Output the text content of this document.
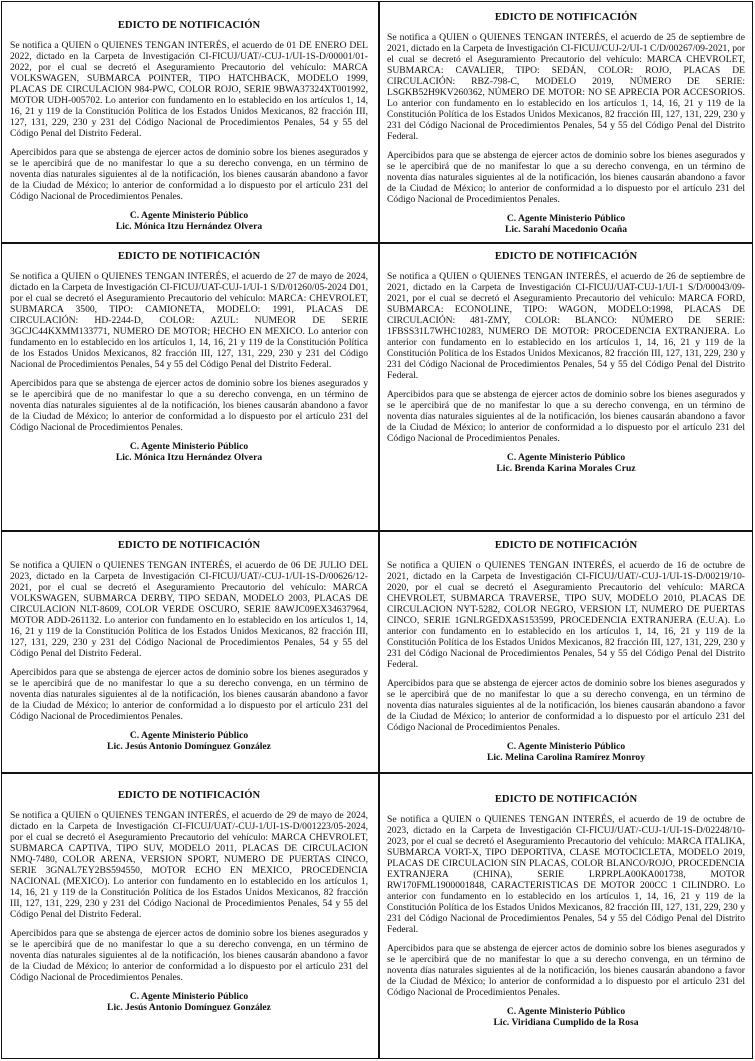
EDICTO DE NOTIFICACIÓN

Se notifica a QUIEN o QUIENES TENGAN INTERÉS, el acuerdo de 01 DE ENERO DEL 2022, dictado en la Carpeta de Investigación CI-FICUJ/UAT/-CUJ-1/UI-1S-D/00001/01-2022, por el cual se decretó el Aseguramiento Precautorio del vehículo: MARCA VOLKSWAGEN, SUBMARCA POINTER, TIPO HATCHBACK, MODELO 1999, PLACAS DE CIRCULACION 984-PWC, COLOR ROJO, SERIE 9BWA37324XT001992, MOTOR UDH-005702. Lo anterior con fundamento en lo establecido en los artículos 1, 14, 16, 21 y 119 de la Constitución Política de los Estados Unidos Mexicanos, 82 fracción III, 127, 131, 229, 230 y 231 del Código Nacional de Procedimientos Penales, 54 y 55 del Código Penal del Distrito Federal.

Apercibidos para que se abstenga de ejercer actos de dominio sobre los bienes asegurados y se le apercibirá que de no manifestar lo que a su derecho convenga, en un término de noventa días naturales siguientes al de la notificación, los bienes causarán abandono a favor de la Ciudad de México; lo anterior de conformidad a lo dispuesto por el artículo 231 del Código Nacional de Procedimientos Penales.

C. Agente Ministerio Público
Lic. Mónica Itzu Hernández Olvera
EDICTO DE NOTIFICACIÓN

Se notifica a QUIEN o QUIENES TENGAN INTERÉS, el acuerdo de 25 de septiembre de 2021, dictado en la Carpeta de Investigación CI-FICUJ/CUJ-2/UI-1 C/D/00267/09-2021, por el cual se decretó el Aseguramiento Precautorio del vehículo: MARCA CHEVROLET, SUBMARCA: CAVALIER, TIPO: SEDÁN, COLOR: ROJO, PLACAS DE CIRCULACIÓN: RBZ-798-C, MODELO 2019, NÚMERO DE SERIE: LSGKB52H9KV260362, NÚMERO DE MOTOR: NO SE APRECIA POR ACCESORIOS. Lo anterior con fundamento en lo establecido en los artículos 1, 14, 16, 21 y 119 de la Constitución Política de los Estados Unidos Mexicanos, 82 fracción III, 127, 131, 229, 230 y 231 del Código Nacional de Procedimientos Penales, 54 y 55 del Código Penal del Distrito Federal.

Apercibidos para que se abstenga de ejercer actos de dominio sobre los bienes asegurados y se le apercibirá que de no manifestar lo que a su derecho convenga, en un término de noventa días naturales siguientes al de la notificación, los bienes causarán abandono a favor de la Ciudad de México; lo anterior de conformidad a lo dispuesto por el artículo 231 del Código Nacional de Procedimientos Penales.

C. Agente Ministerio Público
Lic. Sarahí Macedonio Ocaña
EDICTO DE NOTIFICACIÓN

Se notifica a QUIEN o QUIENES TENGAN INTERÉS, el acuerdo de 27 de mayo de 2024, dictado en la Carpeta de Investigación CI-FICUJ/UAT-CUJ-1/UI-1 S/D/01260/05-2024 D01, por el cual se decretó el Aseguramiento Precautorio del vehículo: MARCA: CHEVROLET, SUBMARCA 3500, TIPO: CAMIONETA, MODELO: 1991, PLACAS DE CIRCULACIÓN: HD-2244-D, COLOR: AZUL: NUMEOR DE SERIE 3GCJC44KXMM133771, NUMERO DE MOTOR; HECHO EN MEXICO. Lo anterior con fundamento en lo establecido en los artículos 1, 14, 16, 21 y 119 de la Constitución Política de los Estados Unidos Mexicanos, 82 fracción III, 127, 131, 229, 230 y 231 del Código Nacional de Procedimientos Penales, 54 y 55 del Código Penal del Distrito Federal.

Apercibidos para que se abstenga de ejercer actos de dominio sobre los bienes asegurados y se le apercibirá que de no manifestar lo que a su derecho convenga, en un término de noventa días naturales siguientes al de la notificación, los bienes causarán abandono a favor de la Ciudad de México; lo anterior de conformidad a lo dispuesto por el artículo 231 del Código Nacional de Procedimientos Penales.

C. Agente Ministerio Público
Lic. Mónica Itzu Hernández Olvera
EDICTO DE NOTIFICACIÓN

Se notifica a QUIEN o QUIENES TENGAN INTERÉS, el acuerdo de 26 de septiembre de 2021, dictado en la Carpeta de Investigación CI-FICUJ/UAT-CUJ-1/UI-1 S/D/00043/09-2021, por el cual se decretó el Aseguramiento Precautorio del vehículo: MARCA FORD, SUBMARCA: ECONOLINE, TIPO: WAGON, MODELO:1998, PLACAS DE CIRCULACIÓN: 481-ZMY, COLOR: BLANCO: NÚMERO DE SERIE: 1FBSS31L7WHC10283, NUMERO DE MOTOR: PROCEDENCIA EXTRANJERA. Lo anterior con fundamento en lo establecido en los artículos 1, 14, 16, 21 y 119 de la Constitución Política de los Estados Unidos Mexicanos, 82 fracción III, 127, 131, 229, 230 y 231 del Código Nacional de Procedimientos Penales, 54 y 55 del Código Penal del Distrito Federal.

Apercibidos para que se abstenga de ejercer actos de dominio sobre los bienes asegurados y se le apercibirá que de no manifestar lo que a su derecho convenga, en un término de noventa días naturales siguientes al de la notificación, los bienes causarán abandono a favor de la Ciudad de México; lo anterior de conformidad a lo dispuesto por el artículo 231 del Código Nacional de Procedimientos Penales.

C. Agente Ministerio Público
Lic. Brenda Karina Morales Cruz
EDICTO DE NOTIFICACIÓN

Se notifica a QUIEN o QUIENES TENGAN INTERÉS, el acuerdo de 06 DE JULIO DEL 2023, dictado en la Carpeta de Investigación CI-FICUJ/UAT/-CUJ-1/UI-1S-D/00626/12-2021, por el cual se decretó el Aseguramiento Precautorio del vehículo: MARCA VOLKSWAGEN, SUBMARCA DERBY, TIPO SEDAN, MODELO 2003, PLACAS DE CIRCULACION NLT-8609, COLOR VERDE OSCURO, SERIE 8AWJC09EX34637964, MOTOR ADD-261132. Lo anterior con fundamento en lo establecido en los artículos 1, 14, 16, 21 y 119 de la Constitución Política de los Estados Unidos Mexicanos, 82 fracción III, 127, 131, 229, 230 y 231 del Código Nacional de Procedimientos Penales, 54 y 55 del Código Penal del Distrito Federal.

Apercibidos para que se abstenga de ejercer actos de dominio sobre los bienes asegurados y se le apercibirá que de no manifestar lo que a su derecho convenga, en un término de noventa días naturales siguientes al de la notificación, los bienes causarán abandono a favor de la Ciudad de México; lo anterior de conformidad a lo dispuesto por el artículo 231 del Código Nacional de Procedimientos Penales.

C. Agente Ministerio Público
Lic. Jesús Antonio Domínguez González
EDICTO DE NOTIFICACIÓN

Se notifica a QUIEN o QUIENES TENGAN INTERÉS, el acuerdo de 16 de octubre de 2021, dictado en la Carpeta de Investigación CI-FICUJ/UAT/-CUJ-1/UI-1S-D/00219/10-2020, por el cual se decretó el Aseguramiento Precautorio del vehículo: MARCA CHEVROLET, SUBMARCA TRAVERSE, TIPO SUV, MODELO 2010, PLACAS DE CIRCULACION NYT-5282, COLOR NEGRO, VERSION LT, NUMERO DE PUERTAS CINCO, SERIE 1GNLRGEDXAS153599, PROCEDENCIA EXTRANJERA (E.U.A). Lo anterior con fundamento en lo establecido en los artículos 1, 14, 16, 21 y 119 de la Constitución Política de los Estados Unidos Mexicanos, 82 fracción III, 127, 131, 229, 230 y 231 del Código Nacional de Procedimientos Penales, 54 y 55 del Código Penal del Distrito Federal.

Apercibidos para que se abstenga de ejercer actos de dominio sobre los bienes asegurados y se le apercibirá que de no manifestar lo que a su derecho convenga, en un término de noventa días naturales siguientes al de la notificación, los bienes causarán abandono a favor de la Ciudad de México; lo anterior de conformidad a lo dispuesto por el artículo 231 del Código Nacional de Procedimientos Penales.

C. Agente Ministerio Público
Lic. Melina Carolina Ramírez Monroy
EDICTO DE NOTIFICACIÓN

Se notifica a QUIEN o QUIENES TENGAN INTERÉS, el acuerdo de 29 de mayo de 2024, dictado en la Carpeta de Investigación CI-FICUJ/UAT/-CUJ-1/UI-1S-D/001223/05-2024, por el cual se decretó el Aseguramiento Precautorio del vehículo: MARCA CHEVROLET, SUBMARCA CAPTIVA, TIPO SUV, MODELO 2011, PLACAS DE CIRCULACION NMQ-7480, COLOR ARENA, VERSION SPORT, NUMERO DE PUERTAS CINCO, SERIE 3GNAL7EY2BS594550, MOTOR ECHO EN MEXICO, PROCEDENCIA NACIONAL (MEXICO). Lo anterior con fundamento en lo establecido en los artículos 1, 14, 16, 21 y 119 de la Constitución Política de los Estados Unidos Mexicanos, 82 fracción III, 127, 131, 229, 230 y 231 del Código Nacional de Procedimientos Penales, 54 y 55 del Código Penal del Distrito Federal.

Apercibidos para que se abstenga de ejercer actos de dominio sobre los bienes asegurados y se le apercibirá que de no manifestar lo que a su derecho convenga, en un término de noventa días naturales siguientes al de la notificación, los bienes causarán abandono a favor de la Ciudad de México; lo anterior de conformidad a lo dispuesto por el artículo 231 del Código Nacional de Procedimientos Penales.

C. Agente Ministerio Público
Lic. Jesús Antonio Domínguez González
EDICTO DE NOTIFICACIÓN

Se notifica a QUIEN o QUIENES TENGAN INTERÉS, el acuerdo de 19 de octubre de 2023, dictado en la Carpeta de Investigación CI-FICUJ/UAT/-CUJ-1/UI-1S-D/02248/10-2023, por el cual se decretó el Aseguramiento Precautorio del vehículo: MARCA ITALIKA, SUBMARCA VORT-X, TIPO DEPORTIVA, CLASE MOTOCICLETA, MODELO 2019, PLACAS DE CIRCULACION SIN PLACAS, COLOR BLANCO/ROJO, PROCEDENCIA EXTRANJERA (CHINA), SERIE LRPRPLA00KA001738, MOTOR RW170FML1900001848, CARACTERISTICAS DE MOTOR 200CC 1 CILINDRO. Lo anterior con fundamento en lo establecido en los artículos 1, 14, 16, 21 y 119 de la Constitución Política de los Estados Unidos Mexicanos, 82 fracción III, 127, 131, 229, 230 y 231 del Código Nacional de Procedimientos Penales, 54 y 55 del Código Penal del Distrito Federal.

Apercibidos para que se abstenga de ejercer actos de dominio sobre los bienes asegurados y se le apercibirá que de no manifestar lo que a su derecho convenga, en un término de noventa días naturales siguientes al de la notificación, los bienes causarán abandono a favor de la Ciudad de México; lo anterior de conformidad a lo dispuesto por el artículo 231 del Código Nacional de Procedimientos Penales.

C. Agente Ministerio Público
Lic. Viridiana Cumplido de la Rosa
